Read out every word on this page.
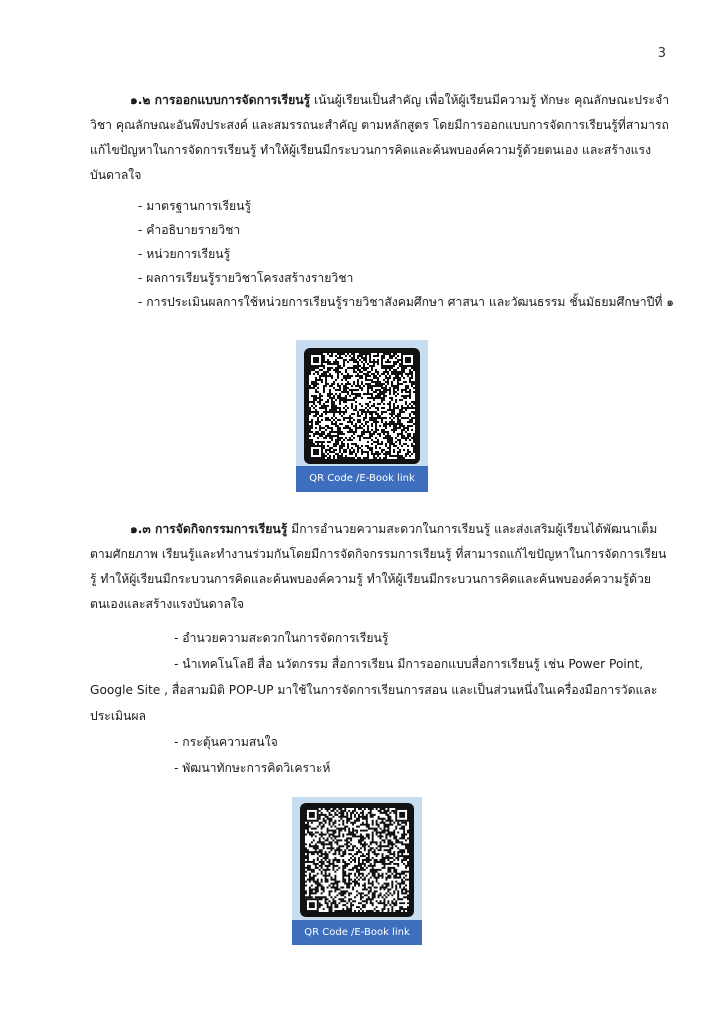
3

๑.๒ การออกแบบการจัดการเรียนรู้ เน้นผู้เรียนเป็นสำคัญ เพื่อให้ผู้เรียนมีความรู้ ทักษะ คุณลักษณะประจำวิชา คุณลักษณะอันพึงประสงค์ และสมรรถนะสำคัญ ตามหลักสูตร โดยมีการออกแบบการจัดการเรียนรู้ที่สามารถแก้ไขปัญหาในการจัดการเรียนรู้ ทำให้ผู้เรียนมีกระบวนการคิดและค้นพบองค์ความรู้ด้วยตนเอง และสร้างแรงบันดาลใจ

- มาตรฐานการเรียนรู้
- คำอธิบายรายวิชา
- หน่วยการเรียนรู้
- ผลการเรียนรู้รายวิชาโครงสร้างรายวิชา
- การประเมินผลการใช้หน่วยการเรียนรู้รายวิชาสังคมศึกษา ศาสนา และวัฒนธรรม ชั้นมัธยมศึกษาปีที่ ๑
QR Code /E-Book link

๑.๓ การจัดกิจกรรมการเรียนรู้ มีการอำนวยความสะดวกในการเรียนรู้ และส่งเสริมผู้เรียนได้พัฒนาเต็มตามศักยภาพ เรียนรู้และทำงานร่วมกันโดยมีการจัดกิจกรรมการเรียนรู้ ที่สามารถแก้ไขปัญหาในการจัดการเรียนรู้ ทำให้ผู้เรียนมีกระบวนการคิดและค้นพบองค์ความรู้ ทำให้ผู้เรียนมีกระบวนการคิดและค้นพบองค์ความรู้ด้วยตนเองและสร้างแรงบันดาลใจ

- อำนวยความสะดวกในการจัดการเรียนรู้
- นำเทคโนโลยี สื่อ นวัตกรรม สื่อการเรียน มีการออกแบบสื่อการเรียนรู้ เช่น Power Point, Google Site , สื่อสามมิติ POP-UP มาใช้ในการจัดการเรียนการสอน และเป็นส่วนหนึ่งในเครื่องมือการวัดและประเมินผล
- กระตุ้นความสนใจ
- พัฒนาทักษะการคิดวิเคราะห์
QR Code /E-Book link
